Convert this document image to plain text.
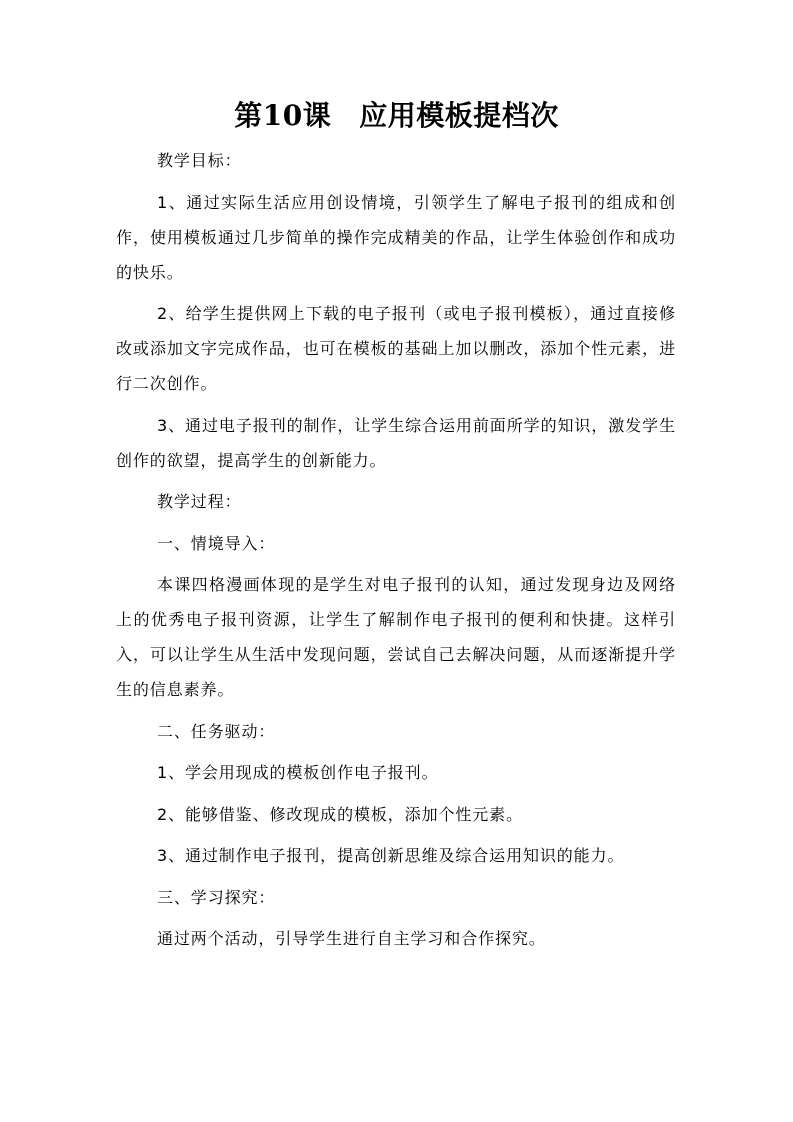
第10课 应用模板提档次

教学目标：

1、通过实际生活应用创设情境，引领学生了解电子报刊的组成和创作，使用模板通过几步简单的操作完成精美的作品，让学生体验创作和成功的快乐。

2、给学生提供网上下载的电子报刊（或电子报刊模板），通过直接修改或添加文字完成作品，也可在模板的基础上加以删改，添加个性元素，进行二次创作。

3、通过电子报刊的制作，让学生综合运用前面所学的知识，激发学生创作的欲望，提高学生的创新能力。

教学过程：

一、情境导入：

本课四格漫画体现的是学生对电子报刊的认知，通过发现身边及网络上的优秀电子报刊资源，让学生了解制作电子报刊的便利和快捷。这样引入，可以让学生从生活中发现问题，尝试自己去解决问题，从而逐渐提升学生的信息素养。

二、任务驱动：

1、学会用现成的模板创作电子报刊。

2、能够借鉴、修改现成的模板，添加个性元素。

3、通过制作电子报刊，提高创新思维及综合运用知识的能力。

三、学习探究：

通过两个活动，引导学生进行自主学习和合作探究。
